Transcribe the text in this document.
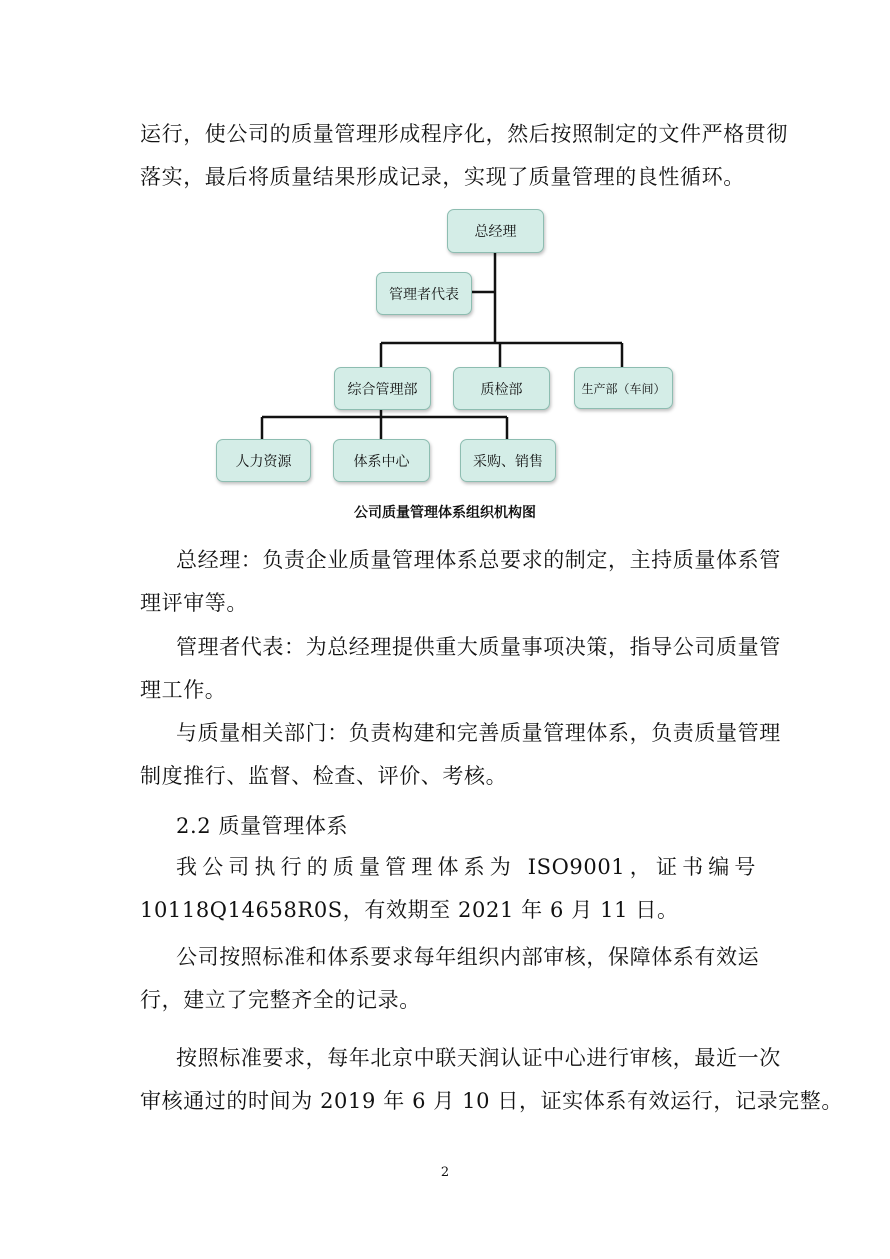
运行，使公司的质量管理形成程序化，然后按照制定的文件严格贯彻
落实，最后将质量结果形成记录，实现了质量管理的良性循环。
总经理
管理者代表
综合管理部	质检部	生产部（车间）
人力资源	体系中心	采购、销售
公司质量管理体系组织机构图
总经理：负责企业质量管理体系总要求的制定，主持质量体系管
理评审等。
管理者代表：为总经理提供重大质量事项决策，指导公司质量管
理工作。
与质量相关部门：负责构建和完善质量管理体系，负责质量管理
制度推行、监督、检查、评价、考核。
2.2 质量管理体系
我公司执行的质量管理体系为 ISO9001，证书编号
10118Q14658R0S，有效期至 2021 年 6 月 11 日。
公司按照标准和体系要求每年组织内部审核，保障体系有效运
行，建立了完整齐全的记录。
按照标准要求，每年北京中联天润认证中心进行审核，最近一次
审核通过的时间为 2019 年 6 月 10 日，证实体系有效运行，记录完整。
2
